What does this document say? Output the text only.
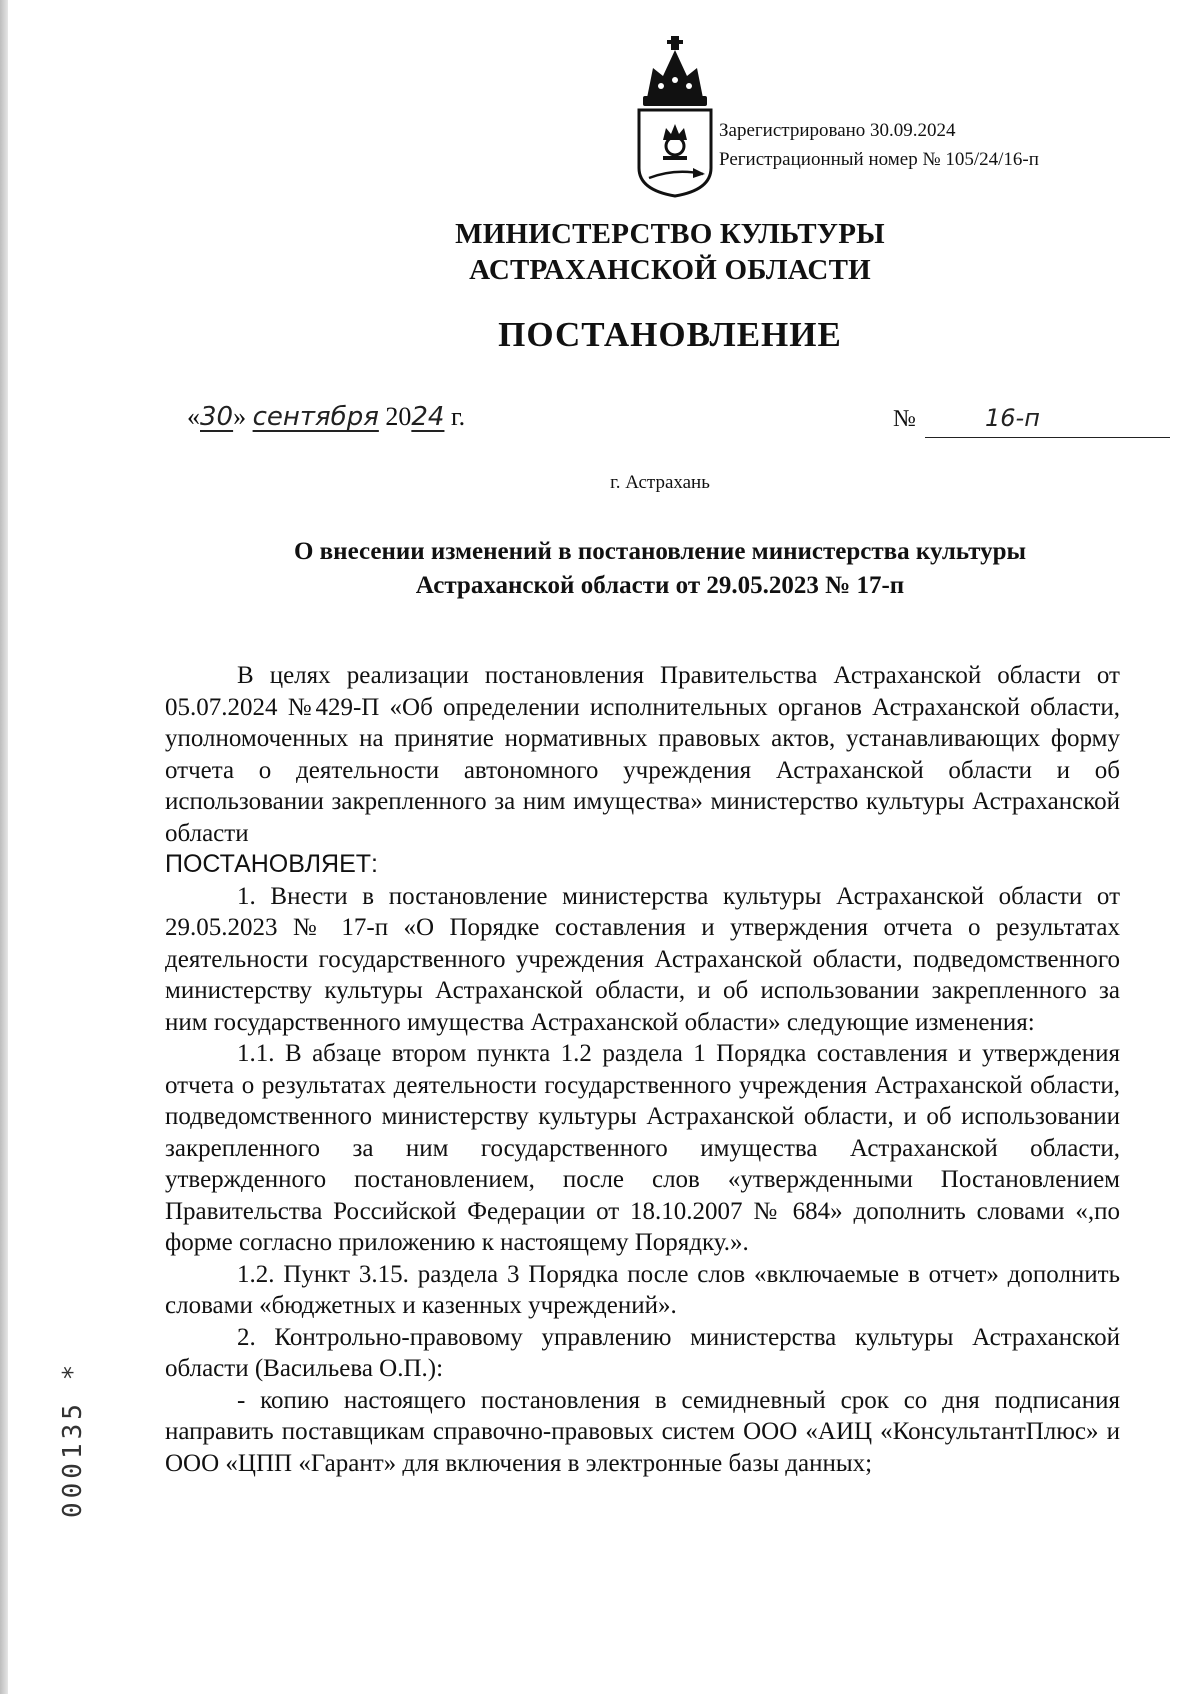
Зарегистрировано 30.09.2024
Регистрационный номер № 105/24/16-п
МИНИСТЕРСТВО КУЛЬТУРЫ
АСТРАХАНСКОЙ ОБЛАСТИ
ПОСТАНОВЛЕНИЕ
«30» сентября 2024 г.	№	16-п
г. Астрахань
О внесении изменений в постановление министерства культуры
Астраханской области от 29.05.2023 № 17-п

В целях реализации постановления Правительства Астраханской области от 05.07.2024 №429-П «Об определении исполнительных органов Астраханской области, уполномоченных на принятие нормативных правовых актов, устанавливающих форму отчета о деятельности автономного учреждения Астраханской области и об использовании закрепленного за ним имущества» министерство культуры Астраханской области

ПОСТАНОВЛЯЕТ:

1. Внести в постановление министерства культуры Астраханской области от 29.05.2023 № 17-п «О Порядке составления и утверждения отчета о результатах деятельности государственного учреждения Астраханской области, подведомственного министерству культуры Астраханской области, и об использовании закрепленного за ним государственного имущества Астраханской области» следующие изменения:

1.1. В абзаце втором пункта 1.2 раздела 1 Порядка составления и утверждения отчета о результатах деятельности государственного учреждения Астраханской области, подведомственного министерству культуры Астраханской области, и об использовании закрепленного за ним государственного имущества Астраханской области, утвержденного постановлением, после слов «утвержденными Постановлением Правительства Российской Федерации от 18.10.2007 № 684» дополнить словами «,по форме согласно приложению к настоящему Порядку.».

1.2. Пункт 3.15. раздела 3 Порядка после слов «включаемые в отчет» дополнить словами «бюджетных и казенных учреждений».

2. Контрольно-правовому управлению министерства культуры Астраханской области (Васильева О.П.):

- копию настоящего постановления в семидневный срок со дня подписания направить поставщикам справочно-правовых систем ООО «АИЦ «КонсультантПлюс» и ООО «ЦПП «Гарант» для включения в электронные базы данных;

000135 *
